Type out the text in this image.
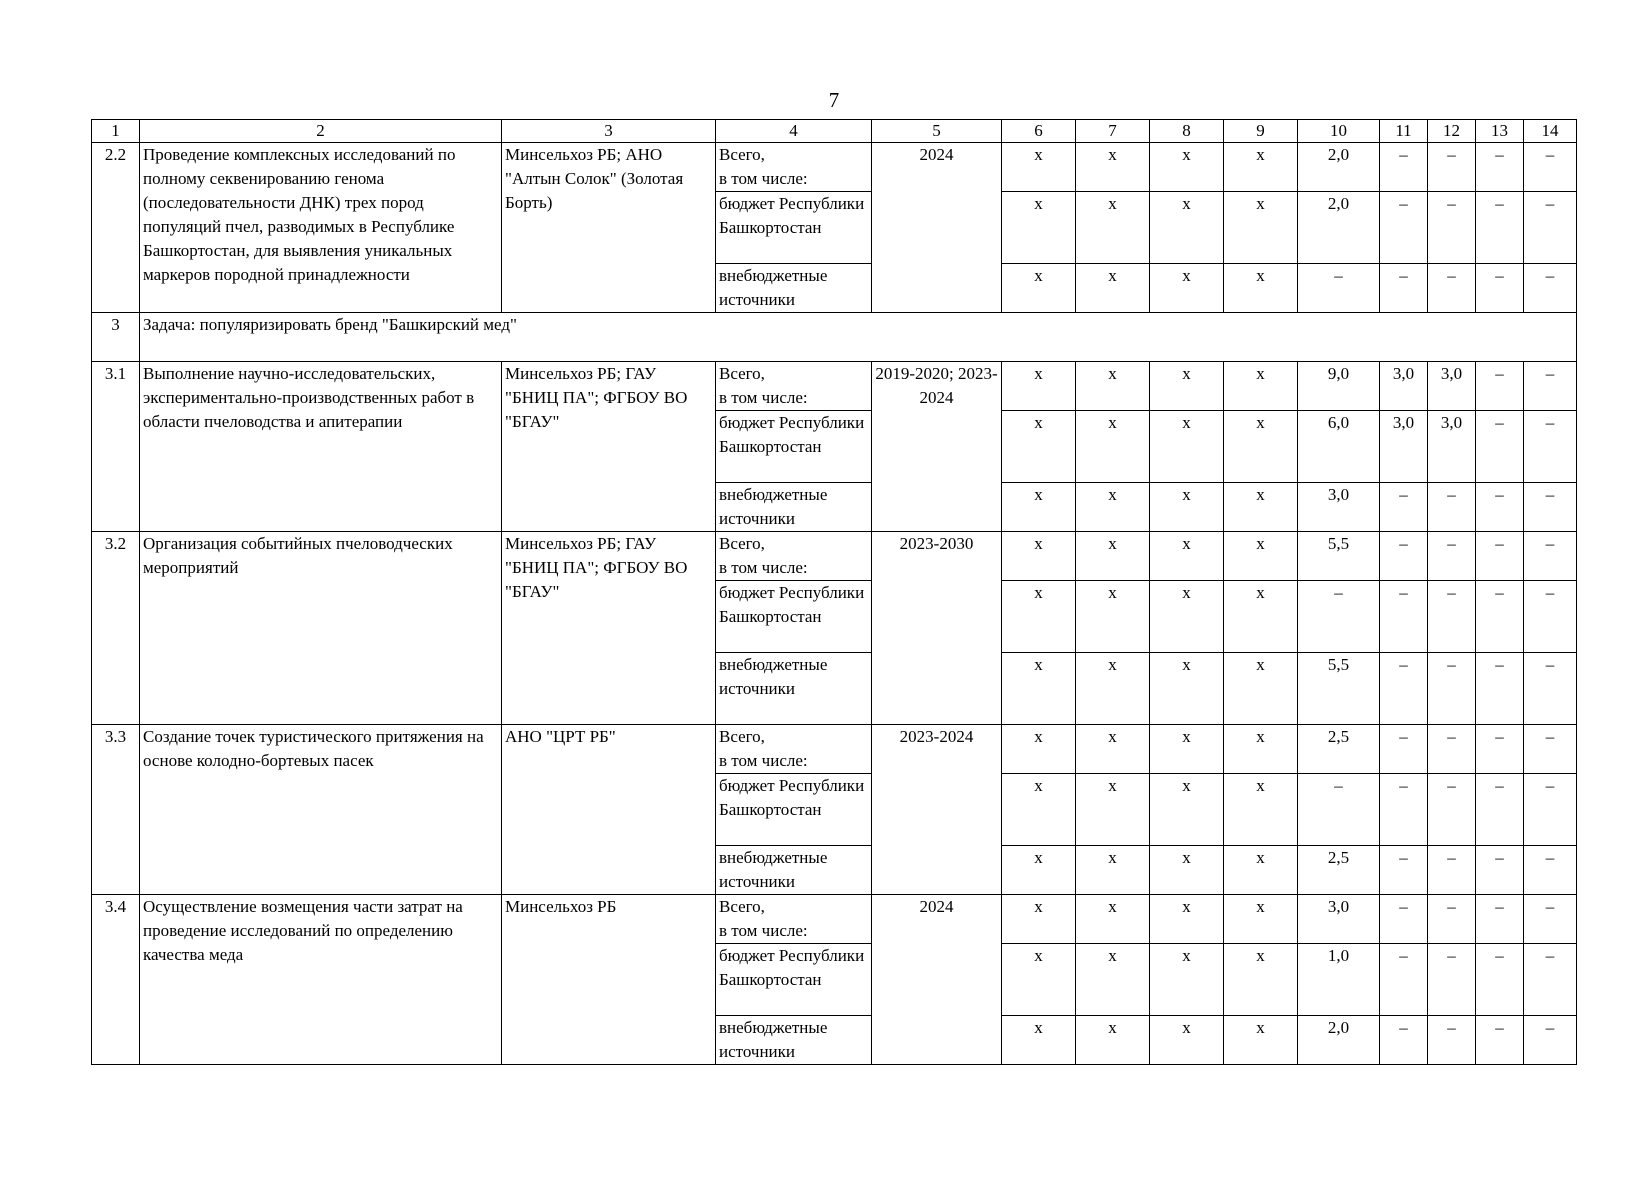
7
1	2	3	4	5	6	7	8	9	10	11	12	13	14
2.2	Проведение комплексных исследований по полному секвенированию генома (последовательности ДНК) трех пород популяций пчел, разводимых в Республике Башкортостан, для выявления уникальных маркеров породной принадлежности	Минсельхоз РБ; АНО "Алтын Солок" (Золотая Борть)	Всего,
в том числе:	2024	x	x	x	x	2,0	–	–	–	–
			бюджет Республики Башкортостан		x	x	x	x	2,0	–	–	–	–
			внебюджетные источники		x	x	x	x	–	–	–	–	–
3	Задача: популяризировать бренд "Башкирский мед"												
3.1	Выполнение научно-исследовательских, экспериментально-производственных работ в области пчеловодства и апитерапии	Минсельхоз РБ; ГАУ "БНИЦ ПА"; ФГБОУ ВО "БГАУ"	Всего,
в том числе:	2019-2020; 2023-2024	x	x	x	x	9,0	3,0	3,0	–	–
			бюджет Республики Башкортостан		x	x	x	x	6,0	3,0	3,0	–	–
			внебюджетные источники		x	x	x	x	3,0	–	–	–	–
3.2	Организация событийных пчеловодческих мероприятий	Минсельхоз РБ; ГАУ "БНИЦ ПА"; ФГБОУ ВО "БГАУ"	Всего,
в том числе:	2023-2030	x	x	x	x	5,5	–	–	–	–
			бюджет Республики Башкортостан		x	x	x	x	–	–	–	–	–
			внебюджетные источники		x	x	x	x	5,5	–	–	–	–
3.3	Создание точек туристического притяжения на основе колодно-бортевых пасек	АНО "ЦРТ РБ"	Всего,
в том числе:	2023-2024	x	x	x	x	2,5	–	–	–	–
			бюджет Республики Башкортостан		x	x	x	x	–	–	–	–	–
			внебюджетные источники		x	x	x	x	2,5	–	–	–	–
3.4	Осуществление возмещения части затрат на проведение исследований по определению качества меда	Минсельхоз РБ	Всего,
в том числе:	2024	x	x	x	x	3,0	–	–	–	–
			бюджет Республики Башкортостан		x	x	x	x	1,0	–	–	–	–
			внебюджетные источники		x	x	x	x	2,0	–	–	–	–
